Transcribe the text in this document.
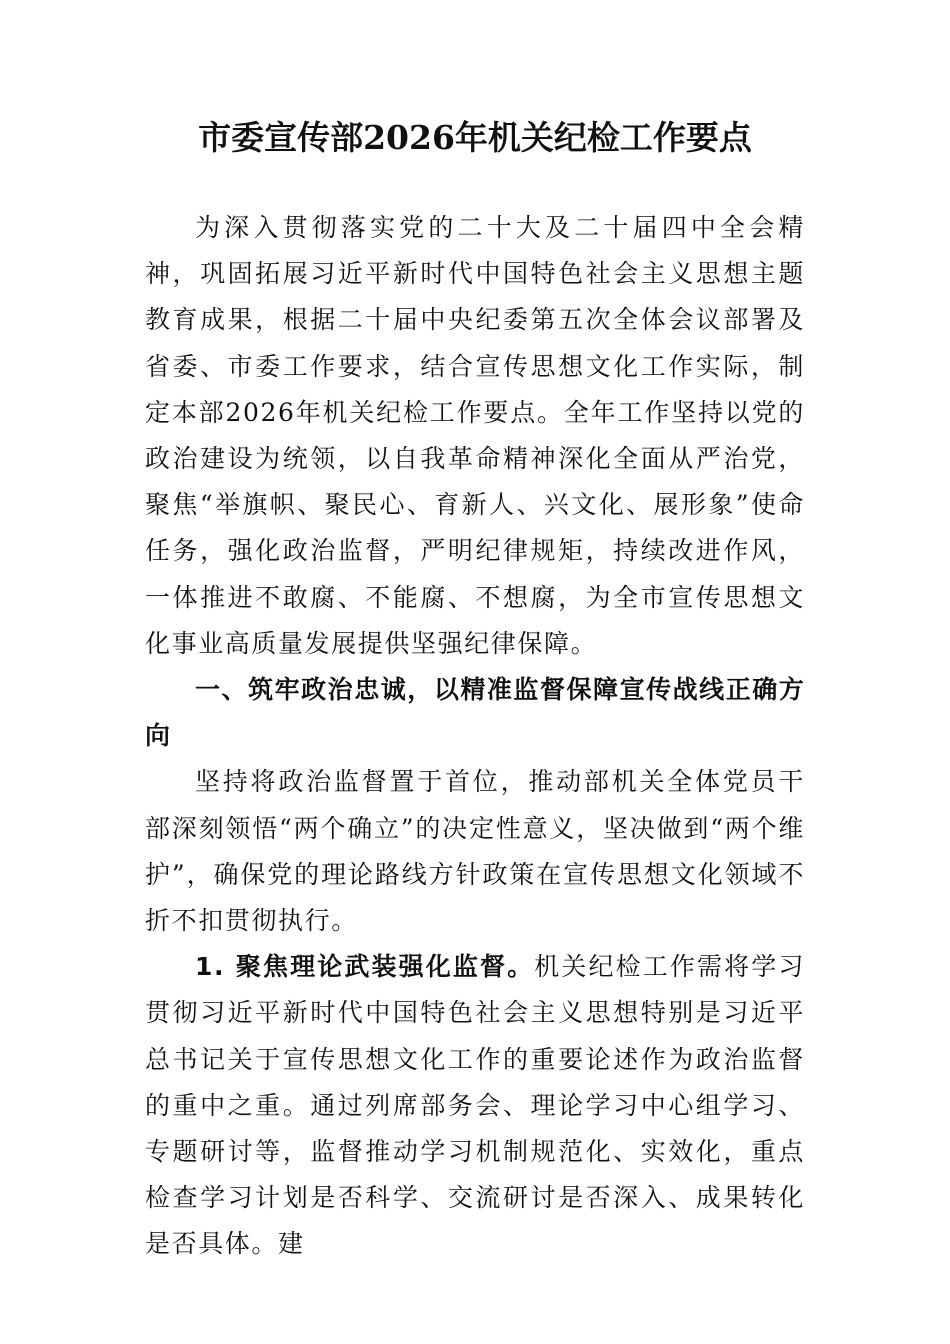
市委宣传部2026年机关纪检工作要点

为深入贯彻落实党的二十大及二十届四中全会精神，巩固拓展习近平新时代中国特色社会主义思想主题教育成果，根据二十届中央纪委第五次全体会议部署及省委、市委工作要求，结合宣传思想文化工作实际，制定本部2026年机关纪检工作要点。全年工作坚持以党的政治建设为统领，以自我革命精神深化全面从严治党，聚焦“举旗帜、聚民心、育新人、兴文化、展形象”使命任务，强化政治监督，严明纪律规矩，持续改进作风，一体推进不敢腐、不能腐、不想腐，为全市宣传思想文化事业高质量发展提供坚强纪律保障。

一、筑牢政治忠诚，以精准监督保障宣传战线正确方向

坚持将政治监督置于首位，推动部机关全体党员干部深刻领悟“两个确立”的决定性意义，坚决做到“两个维护”，确保党的理论路线方针政策在宣传思想文化领域不折不扣贯彻执行。

1. 聚焦理论武装强化监督。机关纪检工作需将学习贯彻习近平新时代中国特色社会主义思想特别是习近平总书记关于宣传思想文化工作的重要论述作为政治监督的重中之重。通过列席部务会、理论学习中心组学习、专题研讨等，监督推动学习机制规范化、实效化，重点检查学习计划是否科学、交流研讨是否深入、成果转化是否具体。建
